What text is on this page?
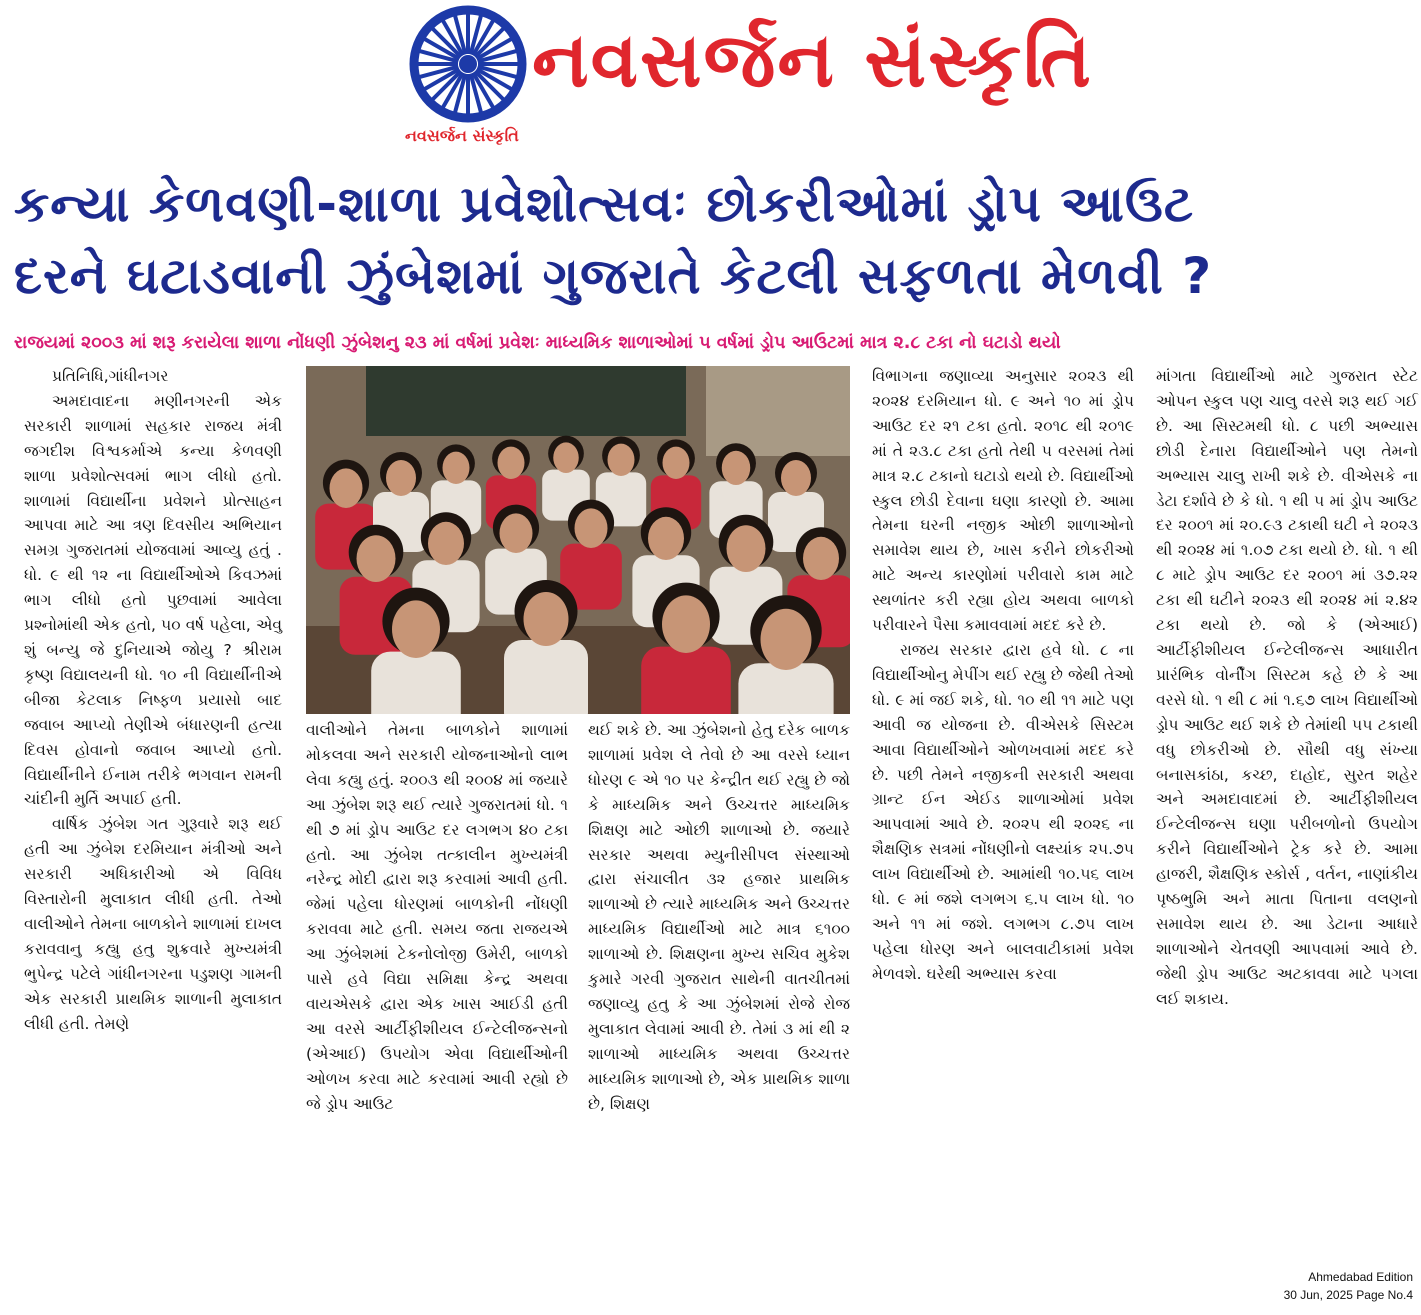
નવસર્જન સંસ્કૃતિ
નવસર્જન સંસ્કૃતિ
કન્યા કેળવણી-શાળા પ્રવેશોત્સવઃ છોકરીઓમાં ડ્રોપ આઉટ
દરને ઘટાડવાની ઝુંબેશમાં ગુજરાતે કેટલી સફળતા મેળવી ?
રાજયમાં ૨૦૦૩ માં શરૂ કરાયેલા શાળા નોંધણી ઝુંબેશનુ ૨૩ માં વર્ષમાં પ્રવેશઃ માધ્યમિક શાળાઓમાં ૫ વર્ષમાં ડ્રોપ આઉટમાં માત્ર ૨.૮ ટકા નો ઘટાડો થયો

પ્રતિનિધિ,ગાંધીનગર

અમદાવાદના મણીનગરની એક સરકારી શાળામાં સહકાર રાજય મંત્રી જગદીશ વિશ્વકર્માએ કન્યા કેળવણી શાળા પ્રવેશોત્સવમાં ભાગ લીધો હતો. શાળામાં વિદ્યાર્થીના પ્રવેશને પ્રોત્સાહન આપવા માટે આ ત્રણ દિવસીય અભિયાન સમગ્ર ગુજરાતમાં યોજવામાં આવ્યુ હતું . ધો. ૯ થી ૧૨ ના વિદ્યાર્થીઓએ કિવઝમાં ભાગ લીધો હતો પુછવામાં આવેલા પ્રશ્નોમાંથી એક હતો, ૫૦ વર્ષ પહેલા, એવુ શું બન્યુ જે દુનિયાએ જોયુ ? શ્રીરામ કૃષ્ણ વિદ્યાલયની ધો. ૧૦ ની વિદ્યાર્થીનીએ બીજા કેટલાક નિષ્ફળ પ્રયાસો બાદ જવાબ આપ્યો તેણીએ બંધારણની હત્યા દિવસ હોવાનો જવાબ આપ્યો હતો. વિદ્યાર્થીનીને ઈનામ તરીકે ભગવાન રામની ચાંદીની મુર્તિ અપાઈ હતી.

વાર્ષિક ઝુંબેશ ગત ગુરૂવારે શરૂ થઈ હતી આ ઝુંબેશ દરમિયાન મંત્રીઓ અને સરકારી અધિકારીઓ એ વિવિધ વિસ્તારોની મુલાકાત લીધી હતી. તેઓ વાલીઓને તેમના બાળકોને શાળામાં દાખલ કરાવવાનુ કહ્યુ હતુ શુક્રવારે મુખ્યમંત્રી ભુપેન્દ્ર પટેલે ગાંધીનગરના પડુશણ ગામની એક સરકારી પ્રાથમિક શાળાની મુલાકાત લીધી હતી. તેમણે

વાલીઓને તેમના બાળકોને શાળામાં મોકલવા અને સરકારી યોજનાઓનો લાભ લેવા કહ્યુ હતું. ૨૦૦૩ થી ૨૦૦૪ માં જયારે આ ઝુંબેશ શરૂ થઈ ત્યારે ગુજરાતમાં ધો. ૧ થી ૭ માં ડ્રોપ આઉટ દર લગભગ ૪૦ ટકા હતો. આ ઝુંબેશ તત્કાલીન મુખ્યમંત્રી નરેન્દ્ર મોદી દ્વારા શરૂ કરવામાં આવી હતી. જેમાં પહેલા ધોરણમાં બાળકોની નોંધણી કરાવવા માટે હતી. સમય જતા રાજયએ આ ઝુંબેશમાં ટેકનોલોજી ઉમેરી, બાળકો પાસે હવે વિદ્યા સમિક્ષા કેન્દ્ર અથવા વાયએસકે દ્વારા એક ખાસ આઈડી હતી આ વરસે આર્ટીફીશીયલ ઈન્ટેલીજન્સનો (એઆઈ) ઉપયોગ એવા વિદ્યાર્થીઓની ઓળખ કરવા માટે કરવામાં આવી રહ્યો છે જે ડ્રોપ આઉટ

થઈ શકે છે. આ ઝુંબેશનો હેતુ દરેક બાળક શાળામાં પ્રવેશ લે તેવો છે આ વરસે ધ્યાન ધોરણ ૯ એ ૧૦ પર કેન્દ્રીત થઈ રહ્યુ છે જો કે માધ્યમિક અને ઉચ્ચત્તર માધ્યમિક શિક્ષણ માટે ઓછી શાળાઓ છે. જયારે સરકાર અથવા મ્યુનીસીપલ સંસ્થાઓ દ્વારા સંચાલીત ૩૨ હજાર પ્રાથમિક શાળાઓ છે ત્યારે માધ્યમિક અને ઉચ્ચત્તર માધ્યમિક વિદ્યાર્થીઓ માટે માત્ર ૬૧૦૦ શાળાઓ છે. શિક્ષણના મુખ્ય સચિવ મુકેશ કુમારે ગરવી ગુજરાત સાથેની વાતચીતમાં જણાવ્યુ હતુ કે આ ઝુંબેશમાં રોજે રોજ મુલાકાત લેવામાં આવી છે. તેમાં ૩ માં થી ૨ શાળાઓ માધ્યમિક અથવા ઉચ્ચત્તર માધ્યમિક શાળાઓ છે, એક પ્રાથમિક શાળા છે, શિક્ષણ

વિભાગના જણાવ્યા અનુસાર ૨૦૨૩ થી ૨૦૨૪ દરમિયાન ધો. ૯ અને ૧૦ માં ડ્રોપ આઉટ દર ૨૧ ટકા હતો. ૨૦૧૮ થી ૨૦૧૯ માં તે ૨૩.૮ ટકા હતો તેથી ૫ વરસમાં તેમાં માત્ર ૨.૮ ટકાનો ઘટાડો થયો છે. વિદ્યાર્થીઓ સ્કુલ છોડી દેવાના ઘણા કારણો છે. આમા તેમના ઘરની નજીક ઓછી શાળાઓનો સમાવેશ થાય છે, ખાસ કરીને છોકરીઓ માટે અન્ય કારણોમાં પરીવારો કામ માટે સ્થળાંતર કરી રહ્યા હોય અથવા બાળકો પરીવારને પૈસા કમાવવામાં મદદ કરે છે.

રાજય સરકાર દ્વારા હવે ધો. ૮ ના વિદ્યાર્થીઓનુ મેપીંગ થઈ રહ્યુ છે જેથી તેઓ ધો. ૯ માં જઈ શકે, ધો. ૧૦ થી ૧૧ માટે પણ આવી જ યોજના છે. વીએસકે સિસ્ટમ આવા વિદ્યાર્થીઓને ઓળખવામાં મદદ કરે છે. પછી તેમને નજીકની સરકારી અથવા ગ્રાન્ટ ઈન એઈડ શાળાઓમાં પ્રવેશ આપવામાં આવે છે. ૨૦૨૫ થી ૨૦૨૬ ના શૈક્ષણિક સત્રમાં નોંધણીનો લક્ષ્યાંક ૨૫.૭૫ લાખ વિદ્યાર્થીઓ છે. આમાંથી ૧૦.૫૬ લાખ ધો. ૯ માં જશે લગભગ ૬.૫ લાખ ધો. ૧૦ અને ૧૧ માં જશે. લગભગ ૮.૭૫ લાખ પહેલા ધોરણ અને બાલવાટીકામાં પ્રવેશ મેળવશે. ઘરેથી અભ્યાસ કરવા

માંગતા વિદ્યાર્થીઓ માટે ગુજરાત સ્ટેટ ઓપન સ્કુલ પણ ચાલુ વરસે શરૂ થઈ ગઈ છે. આ સિસ્ટમથી ધો. ૮ પછી અભ્યાસ છોડી દેનારા વિદ્યાર્થીઓને પણ તેમનો અભ્યાસ ચાલુ રાખી શકે છે. વીએસકે ના ડેટા દર્શાવે છે કે ધો. ૧ થી ૫ માં ડ્રોપ આઉટ દર ૨૦૦૧ માં ૨૦.૯૩ ટકાથી ઘટી ને ૨૦૨૩ થી ૨૦૨૪ માં ૧.૦૭ ટકા થયો છે. ધો. ૧ થી ૮ માટે ડ્રોપ આઉટ દર ૨૦૦૧ માં ૩૭.૨૨ ટકા થી ઘટીને ૨૦૨૩ થી ૨૦૨૪ માં ૨.૪૨ ટકા થયો છે. જો કે (એઆઈ) આર્ટીફીશીયલ ઈન્ટેલીજન્સ આધારીત પ્રારંભિક વોર્નીંગ સિસ્ટમ કહે છે કે આ વરસે ધો. ૧ થી ૮ માં ૧.૬૭ લાખ વિદ્યાર્થીઓ ડ્રોપ આઉટ થઈ શકે છે તેમાંથી ૫૫ ટકાથી વધુ છોકરીઓ છે. સૌથી વધુ સંખ્યા બનાસકાંઠા, કચ્છ, દાહોદ, સુરત શહેર અને અમદાવાદમાં છે. આર્ટીફીશીયલ ઈન્ટેલીજન્સ ઘણા પરીબળોનો ઉપયોગ કરીને વિદ્યાર્થીઓને ટ્રેક કરે છે. આમા હાજરી, શૈક્ષણિક સ્કોર્સ , વર્તન, નાણાંકીય પૃષ્ઠભુમિ અને માતા પિતાના વલણનો સમાવેશ થાય છે. આ ડેટાના આધારે શાળાઓને ચેતવણી આપવામાં આવે છે. જેથી ડ્રોપ આઉટ અટકાવવા માટે પગલા લઈ શકાય.

Ahmedabad Edition
30 Jun, 2025 Page No.4
